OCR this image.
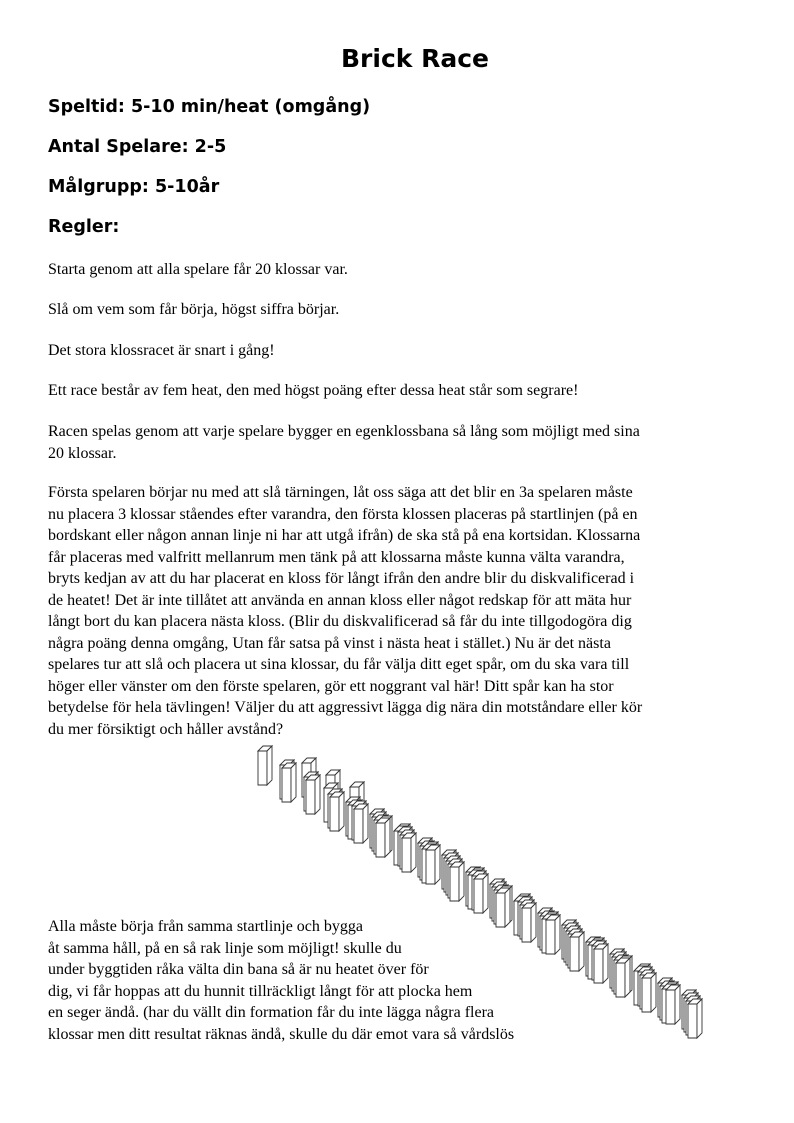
Brick Race
Speltid: 5-10 min/heat (omgång)
Antal Spelare: 2-5
Målgrupp: 5-10år
Regler:
Starta genom att alla spelare får 20 klossar var.
Slå om vem som får börja, högst siffra börjar.
Det stora klossracet är snart i gång!
Ett race består av fem heat, den med högst poäng efter dessa heat står som segrare!
Racen spelas genom att varje spelare bygger en egenklossbana så lång som möjligt med sina
20 klossar.
Första spelaren börjar nu med att slå tärningen, låt oss säga att det blir en 3a spelaren måste
nu placera 3 klossar ståendes efter varandra, den första klossen placeras på startlinjen (på en
bordskant eller någon annan linje ni har att utgå ifrån) de ska stå på ena kortsidan. Klossarna
får placeras med valfritt mellanrum men tänk på att klossarna måste kunna välta varandra,
bryts kedjan av att du har placerat en kloss för långt ifrån den andre blir du diskvalificerad i
de heatet! Det är inte tillåtet att använda en annan kloss eller något redskap för att mäta hur
långt bort du kan placera nästa kloss. (Blir du diskvalificerad så får du inte tillgodogöra dig
några poäng denna omgång, Utan får satsa på vinst i nästa heat i stället.) Nu är det nästa
spelares tur att slå och placera ut sina klossar, du får välja ditt eget spår, om du ska vara till
höger eller vänster om den förste spelaren, gör ett noggrant val här! Ditt spår kan ha stor
betydelse för hela tävlingen! Väljer du att aggressivt lägga dig nära din motståndare eller kör
du mer försiktigt och håller avstånd?
Alla måste börja från samma startlinje och bygga
åt samma håll, på en så rak linje som möjligt! skulle du
under byggtiden råka välta din bana så är nu heatet över för
dig, vi får hoppas att du hunnit tillräckligt långt för att plocka hem
en seger ändå. (har du vällt din formation får du inte lägga några flera
klossar men ditt resultat räknas ändå, skulle du där emot vara så vårdslös
